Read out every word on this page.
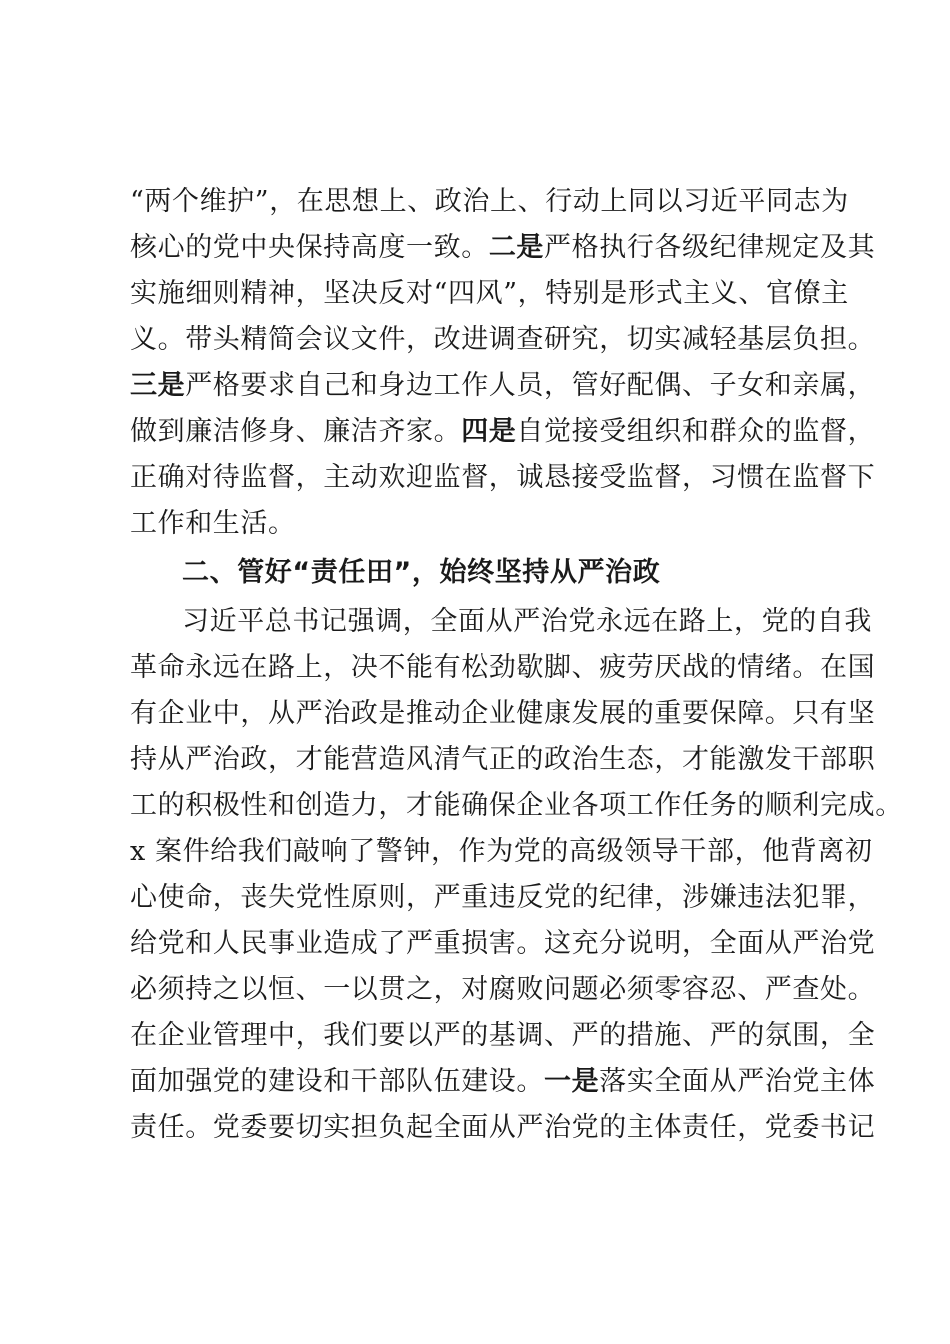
“两个维护”，在思想上、政治上、行动上同以习近平同志为
核心的党中央保持高度一致。二是严格执行各级纪律规定及其
实施细则精神，坚决反对“四风”，特别是形式主义、官僚主
义。带头精简会议文件，改进调查研究，切实减轻基层负担。
三是严格要求自己和身边工作人员，管好配偶、子女和亲属，
做到廉洁修身、廉洁齐家。四是自觉接受组织和群众的监督，
正确对待监督，主动欢迎监督，诚恳接受监督，习惯在监督下
工作和生活。
二、管好“责任田”，始终坚持从严治政
习近平总书记强调，全面从严治党永远在路上，党的自我
革命永远在路上，决不能有松劲歇脚、疲劳厌战的情绪。在国
有企业中，从严治政是推动企业健康发展的重要保障。只有坚
持从严治政，才能营造风清气正的政治生态，才能激发干部职
工的积极性和创造力，才能确保企业各项工作任务的顺利完成。
x 案件给我们敲响了警钟，作为党的高级领导干部，他背离初
心使命，丧失党性原则，严重违反党的纪律，涉嫌违法犯罪，
给党和人民事业造成了严重损害。这充分说明，全面从严治党
必须持之以恒、一以贯之，对腐败问题必须零容忍、严查处。
在企业管理中，我们要以严的基调、严的措施、严的氛围，全
面加强党的建设和干部队伍建设。一是落实全面从严治党主体
责任。党委要切实担负起全面从严治党的主体责任，党委书记
